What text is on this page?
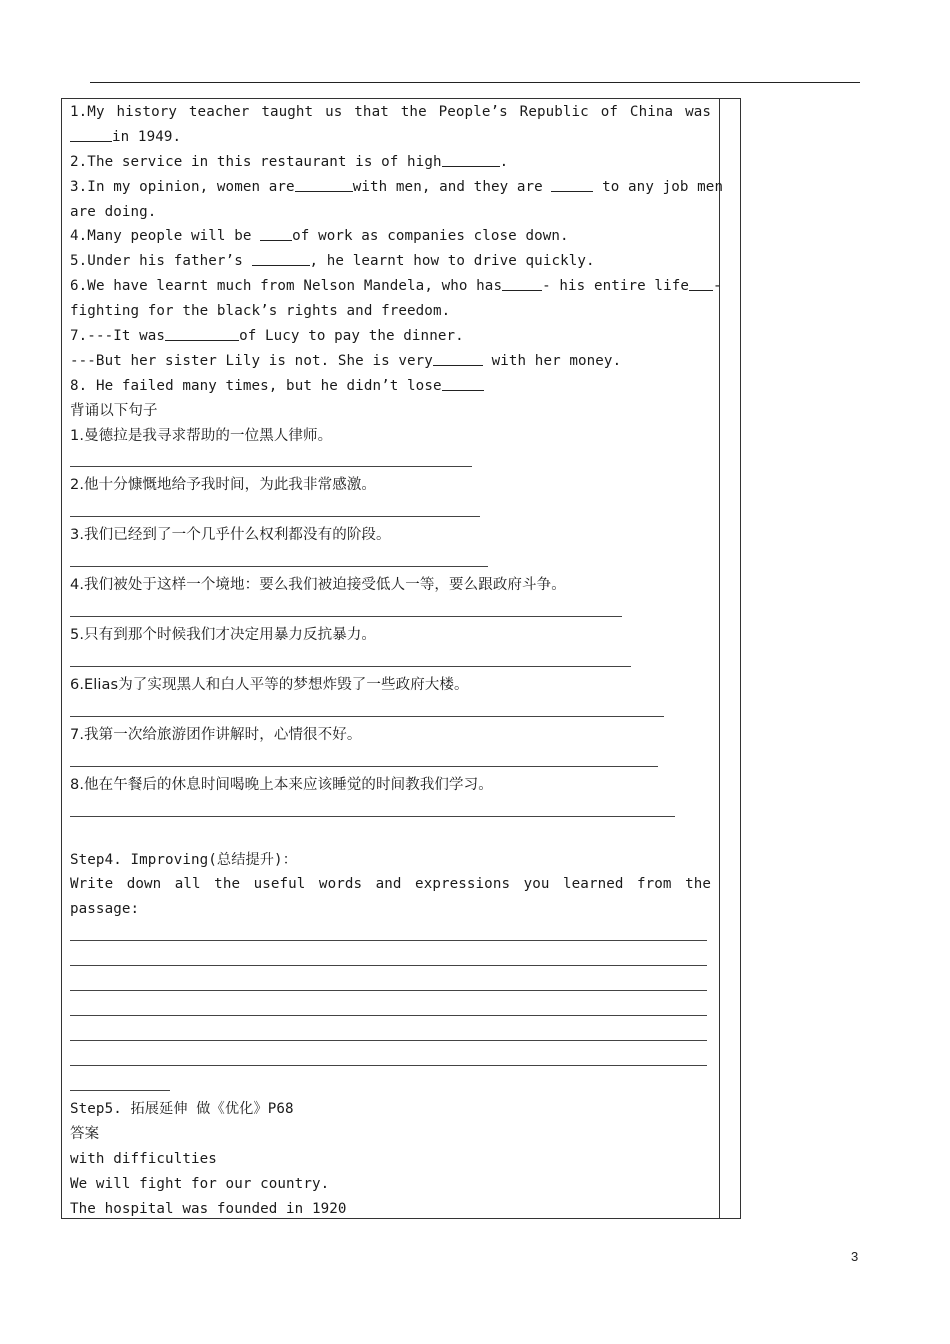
1.My history teacher taught us that the People’s Republic of China was
in 1949.
2.The service in this restaurant is of high	.
3.In my opinion, women are	with men, and they are	to any job men
are doing.
4.Many people will be of work as companies close down.
5.Under his father’s	, he learnt how to drive quickly.
6.We have learnt much from Nelson Mandela, who has	- his entire life -
fighting for the black’s rights and freedom.
7.---It was	of Lucy to pay the dinner.
---But her sister Lily is not. She is very	with her money.
8. He failed many times, but he didn’t lose
背诵以下句子
1.曼德拉是我寻求帮助的一位黑人律师。
2.他十分慷慨地给予我时间，为此我非常感激。
3.我们已经到了一个几乎什么权利都没有的阶段。
4.我们被处于这样一个境地：要么我们被迫接受低人一等，要么跟政府斗争。
5.只有到那个时候我们才决定用暴力反抗暴力。
6.Elias为了实现黑人和白人平等的梦想炸毁了一些政府大楼。
7.我第一次给旅游团作讲解时，心情很不好。
8.他在午餐后的休息时间喝晚上本来应该睡觉的时间教我们学习。
Step4. Improving(总结提升)：
Write down all the useful words and expressions you learned from the
passage:
Step5. 拓展延伸 做《优化》P68
答案
with difficulties
We will fight for our country.
The hospital was founded in 1920
3
